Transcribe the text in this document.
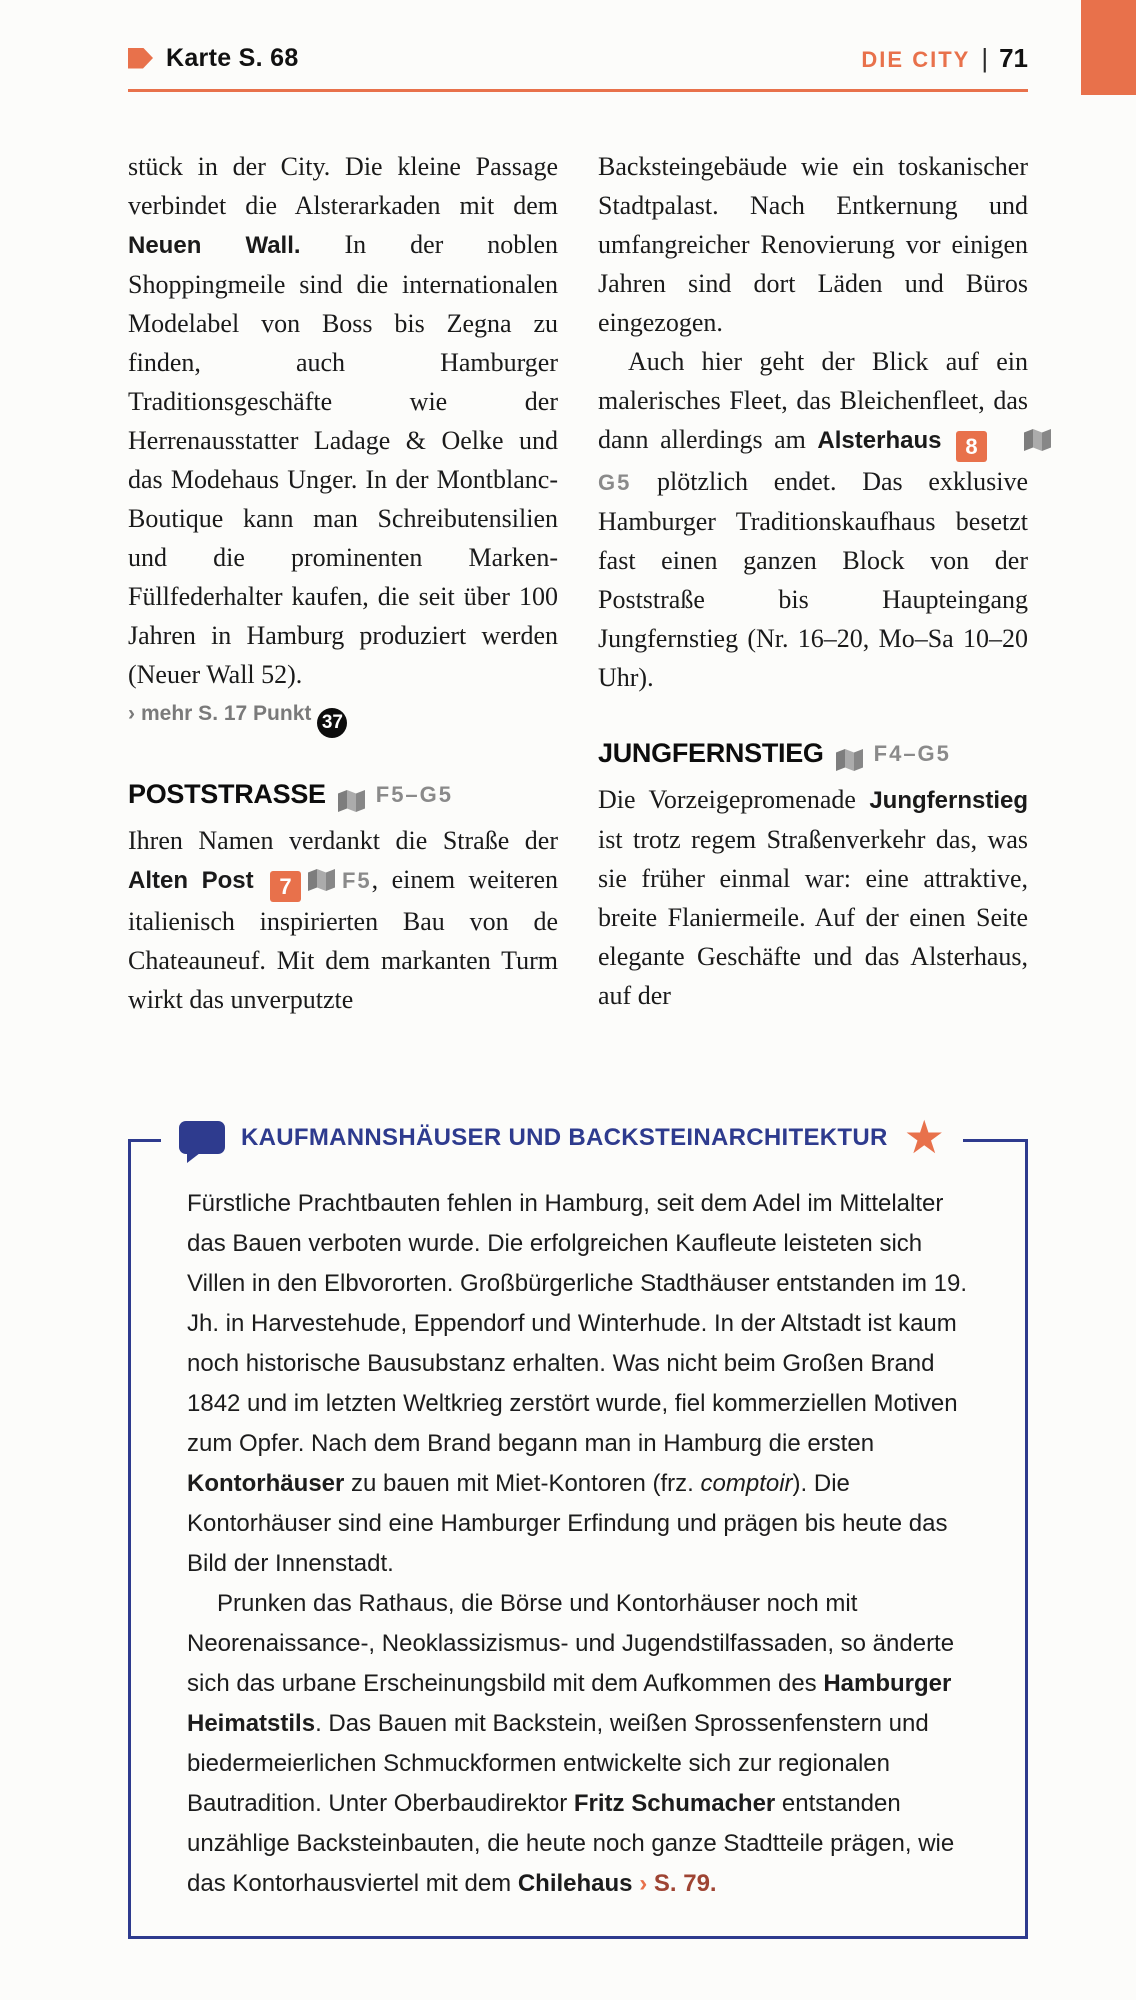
Karte S. 68	DIE CITY | 71

stück in der City. Die kleine Passage verbindet die Alsterarkaden mit dem Neuen Wall. In der noblen Shoppingmeile sind die internationalen Modelabel von Boss bis Zegna zu finden, auch Hamburger Traditionsgeschäfte wie der Herrenausstatter Ladage & Oelke und das Modehaus Unger. In der Montblanc-Boutique kann man Schreibutensilien und die prominenten Marken-Füllfederhalter kaufen, die seit über 100 Jahren in Hamburg produziert werden (Neuer Wall 52).

› mehr S. 17 Punkt 37
POSTSTRASSE F5–G5

Ihren Namen verdankt die Straße der Alten Post 7 F5, einem weiteren italienisch inspirierten Bau von de Chateauneuf. Mit dem markanten Turm wirkt das unverputzte

Backsteingebäude wie ein toskanischer Stadtpalast. Nach Entkernung und umfangreicher Renovierung vor einigen Jahren sind dort Läden und Büros eingezogen.

Auch hier geht der Blick auf ein malerisches Fleet, das Bleichenfleet, das dann allerdings am Alsterhaus 8G5 plötzlich endet. Das exklusive Hamburger Traditionskaufhaus besetzt fast einen ganzen Block von der Poststraße bis Haupteingang Jungfernstieg (Nr. 16–20, Mo–Sa 10–20 Uhr).

JUNGFERNSTIEG F4–G5

Die Vorzeigepromenade Jungfernstieg ist trotz regem Straßenverkehr das, was sie früher einmal war: eine attraktive, breite Flaniermeile. Auf der einen Seite elegante Geschäfte und das Alsterhaus, auf der

KAUFMANNSHÄUSER UND BACKSTEINARCHITEKTUR ★

Fürstliche Prachtbauten fehlen in Hamburg, seit dem Adel im Mittelalter das Bauen verboten wurde. Die erfolgreichen Kaufleute leisteten sich Villen in den Elbvororten. Großbürgerliche Stadthäuser entstanden im 19. Jh. in Harvestehude, Eppendorf und Winterhude. In der Altstadt ist kaum noch historische Bausubstanz erhalten. Was nicht beim Großen Brand 1842 und im letzten Weltkrieg zerstört wurde, fiel kommerziellen Motiven zum Opfer. Nach dem Brand begann man in Hamburg die ersten Kontorhäuser zu bauen mit Miet-Kontoren (frz. comptoir). Die Kontorhäuser sind eine Hamburger Erfindung und prägen bis heute das Bild der Innenstadt.

Prunken das Rathaus, die Börse und Kontorhäuser noch mit Neorenaissance-, Neoklassizismus- und Jugendstilfassaden, so änderte sich das urbane Erscheinungsbild mit dem Aufkommen des Hamburger Heimatstils. Das Bauen mit Backstein, weißen Sprossenfenstern und biedermeierlichen Schmuckformen entwickelte sich zur regionalen Bautradition. Unter Oberbaudirektor Fritz Schumacher entstanden unzählige Backsteinbauten, die heute noch ganze Stadtteile prägen, wie das Kontorhausviertel mit dem Chilehaus › S. 79.
